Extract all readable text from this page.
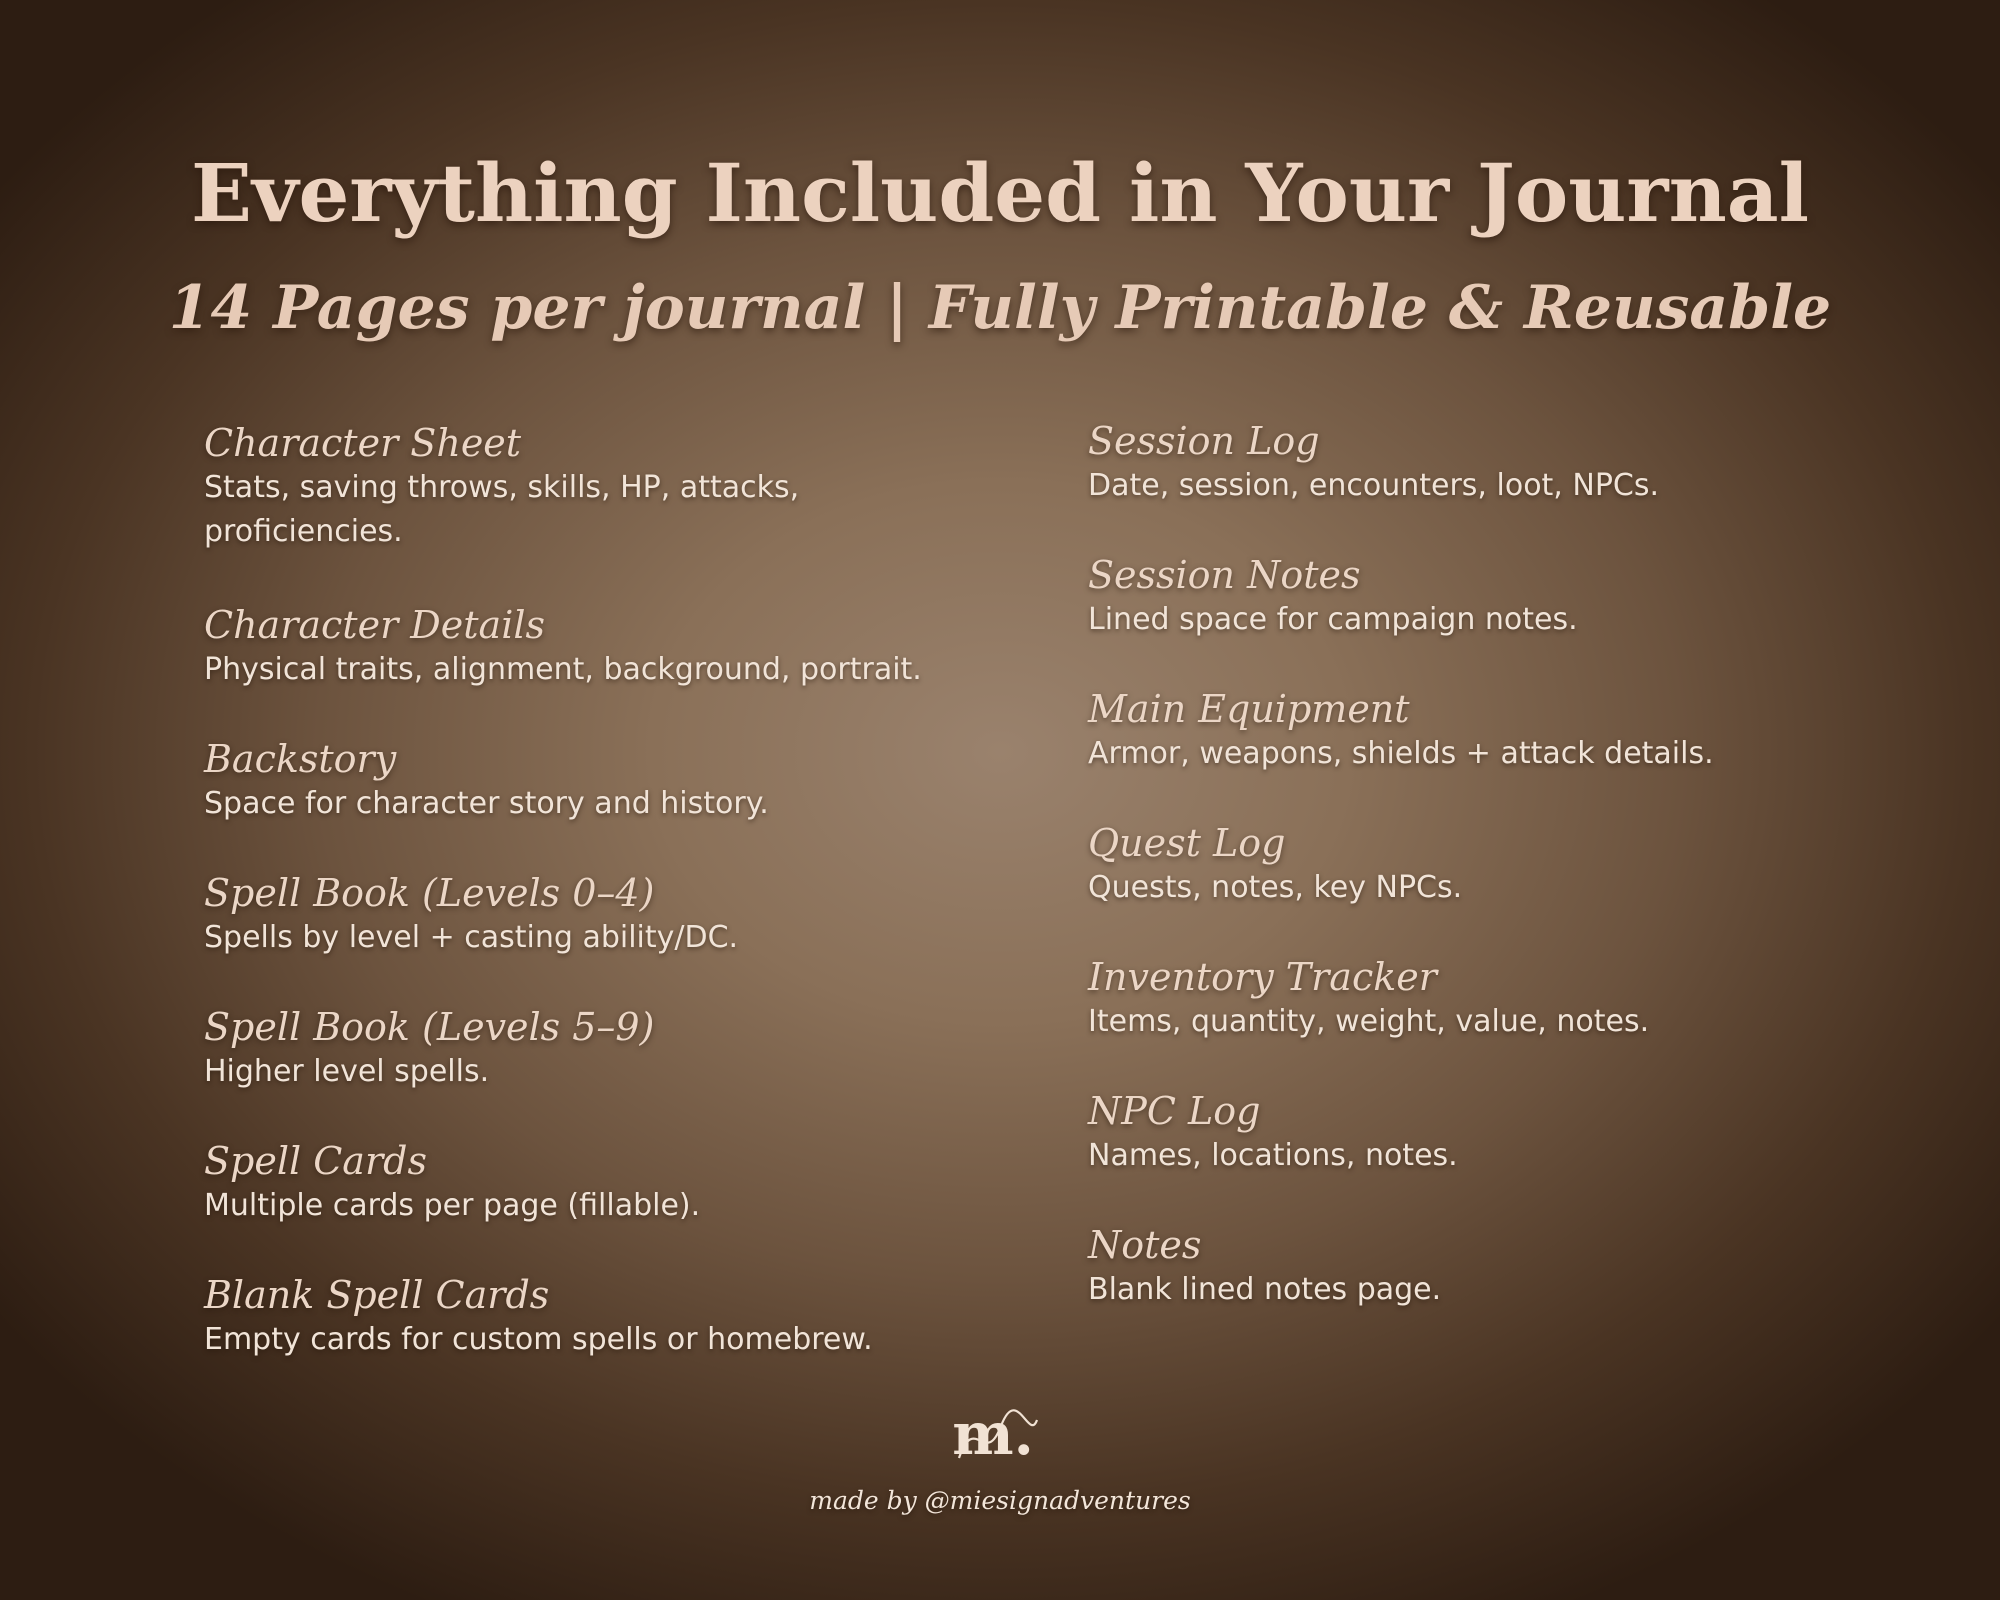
Everything Included in Your Journal
14 Pages per journal | Fully Printable & Reusable
Character Sheet
Stats, saving throws, skills, HP, attacks, proficiencies.
Character Details
Physical traits, alignment, background, portrait.
Backstory
Space for character story and history.
Spell Book (Levels 0–4)
Spells by level + casting ability/DC.
Spell Book (Levels 5–9)
Higher level spells.
Spell Cards
Multiple cards per page (fillable).
Blank Spell Cards
Empty cards for custom spells or homebrew.
Session Log
Date, session, encounters, loot, NPCs.
Session Notes
Lined space for campaign notes.
Main Equipment
Armor, weapons, shields + attack details.
Quest Log
Quests, notes, key NPCs.
Inventory Tracker
Items, quantity, weight, value, notes.
NPC Log
Names, locations, notes.
Notes
Blank lined notes page.
m.

made by @miesignadventures
